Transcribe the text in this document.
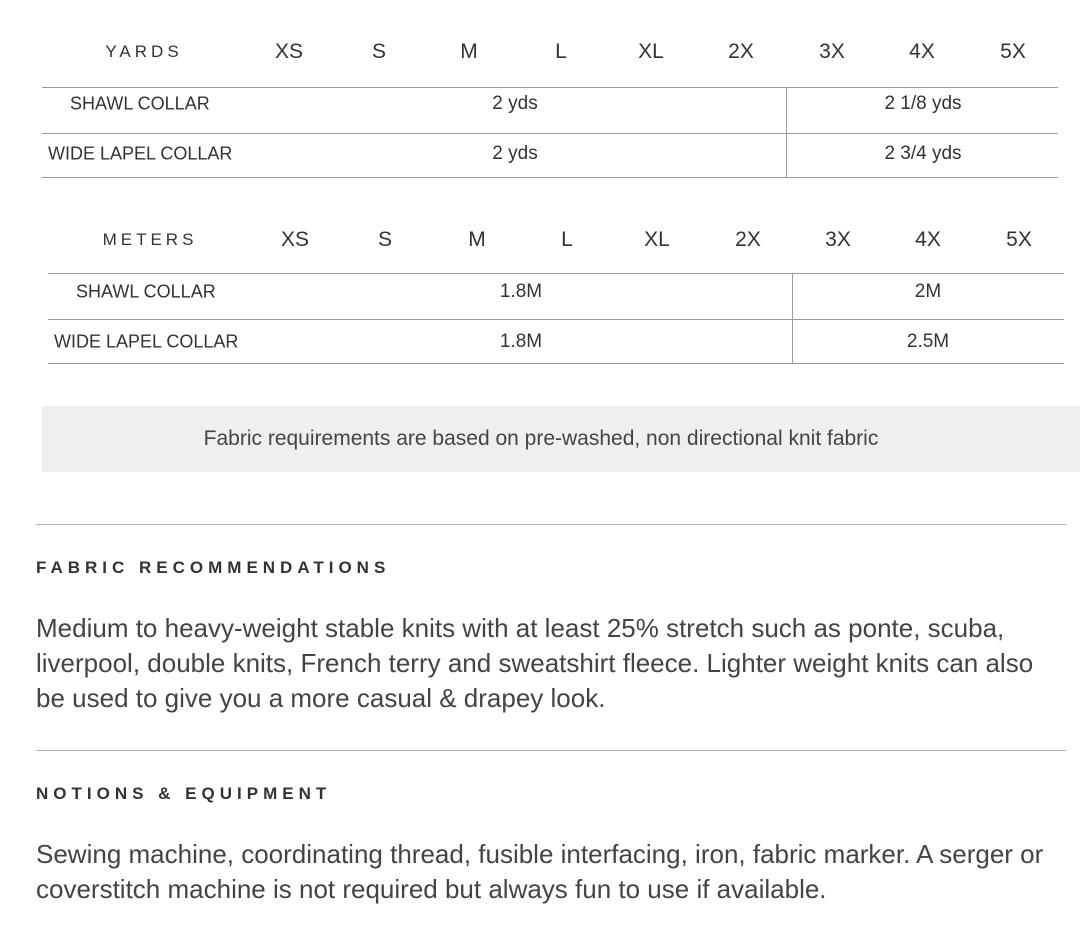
YARDS	XS	S	M	L	XL	2X	3X	4X	5X
SHAWL COLLAR	2 yds	2 1/8 yds
WIDE LAPEL COLLAR	2 yds	2 3/4 yds
METERS	XS	S	M	L	XL	2X	3X	4X	5X
SHAWL COLLAR	1.8M	2M
WIDE LAPEL COLLAR	1.8M	2.5M
Fabric requirements are based on pre-washed, non directional knit fabric
FABRIC RECOMMENDATIONS
Medium to heavy-weight stable knits with at least 25% stretch such as ponte, scuba, liverpool, double knits, French terry and sweatshirt fleece. Lighter weight knits can also be used to give you a more casual & drapey look.
NOTIONS & EQUIPMENT
Sewing machine, coordinating thread, fusible interfacing, iron, fabric marker. A serger or coverstitch machine is not required but always fun to use if available.
